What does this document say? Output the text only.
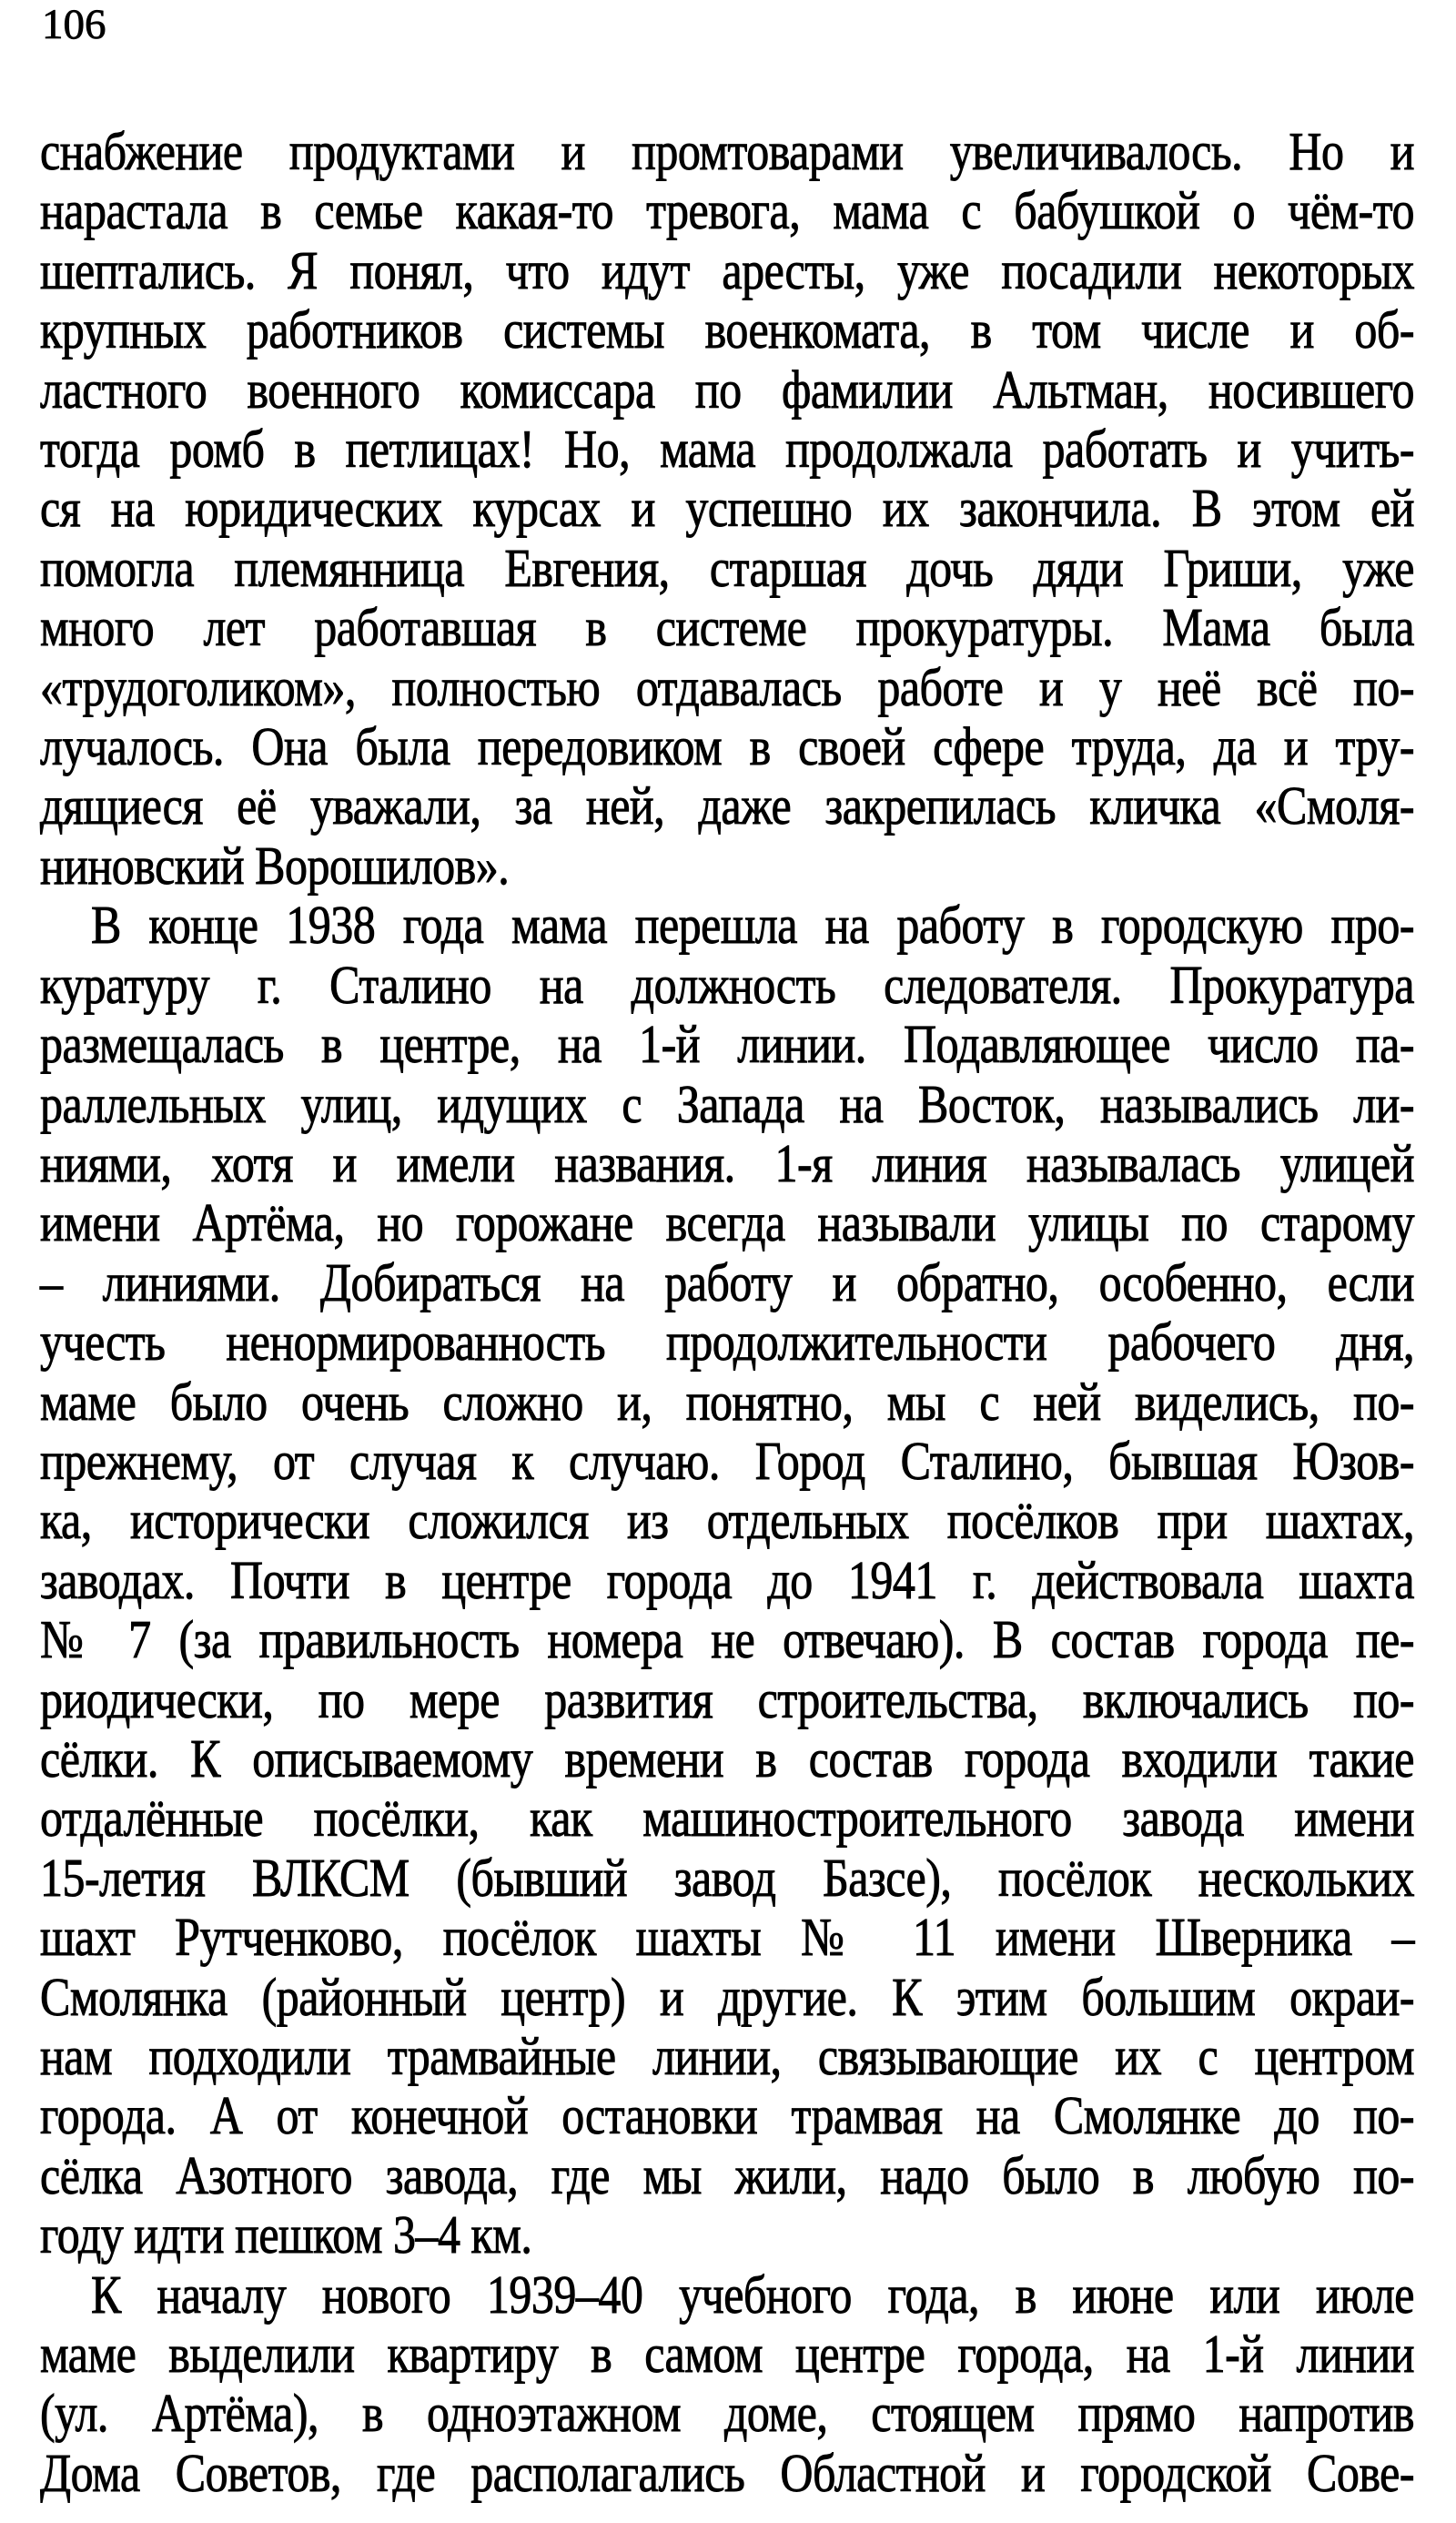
106
снабжение продуктами и промтоварами увеличивалось. Но и
нарастала в семье какая-то тревога, мама с бабушкой о чём-то
шептались. Я понял, что идут аресты, уже посадили некоторых
крупных работников системы военкомата, в том числе и об-
ластного военного комиссара по фамилии Альтман, носившего
тогда ромб в петлицах! Но, мама продолжала работать и учить-
ся на юридических курсах и успешно их закончила. В этом ей
помогла племянница Евгения, старшая дочь дяди Гриши, уже
много лет работавшая в системе прокуратуры. Мама была
«трудоголиком», полностью отдавалась работе и у неё всё по-
лучалось. Она была передовиком в своей сфере труда, да и тру-
дящиеся её уважали, за ней, даже закрепилась кличка «Смоля-
ниновский Ворошилов».
В конце 1938 года мама перешла на работу в городскую про-
куратуру г. Сталино на должность следователя. Прокуратура
размещалась в центре, на 1-й линии. Подавляющее число па-
раллельных улиц, идущих с Запада на Восток, назывались ли-
ниями, хотя и имели названия. 1-я линия называлась улицей
имени Артёма, но горожане всегда называли улицы по старому
– линиями. Добираться на работу и обратно, особенно, если
учесть ненормированность продолжительности рабочего дня,
маме было очень сложно и, понятно, мы с ней виделись, по-
прежнему, от случая к случаю. Город Сталино, бывшая Юзов-
ка, исторически сложился из отдельных посёлков при шахтах,
заводах. Почти в центре города до 1941 г. действовала шахта
№ 7 (за правильность номера не отвечаю). В состав города пе-
риодически, по мере развития строительства, включались по-
сёлки. К описываемому времени в состав города входили такие
отдалённые посёлки, как машиностроительного завода имени
15-летия ВЛКСМ (бывший завод Базсе), посёлок нескольких
шахт Рутченково, посёлок шахты № 11 имени Шверника –
Смолянка (районный центр) и другие. К этим большим окраи-
нам подходили трамвайные линии, связывающие их с центром
города. А от конечной остановки трамвая на Смолянке до по-
сёлка Азотного завода, где мы жили, надо было в любую по-
году идти пешком 3–4 км.
К началу нового 1939–40 учебного года, в июне или июле
маме выделили квартиру в самом центре города, на 1-й линии
(ул. Артёма), в одноэтажном доме, стоящем прямо напротив
Дома Советов, где располагались Областной и городской Сове-
